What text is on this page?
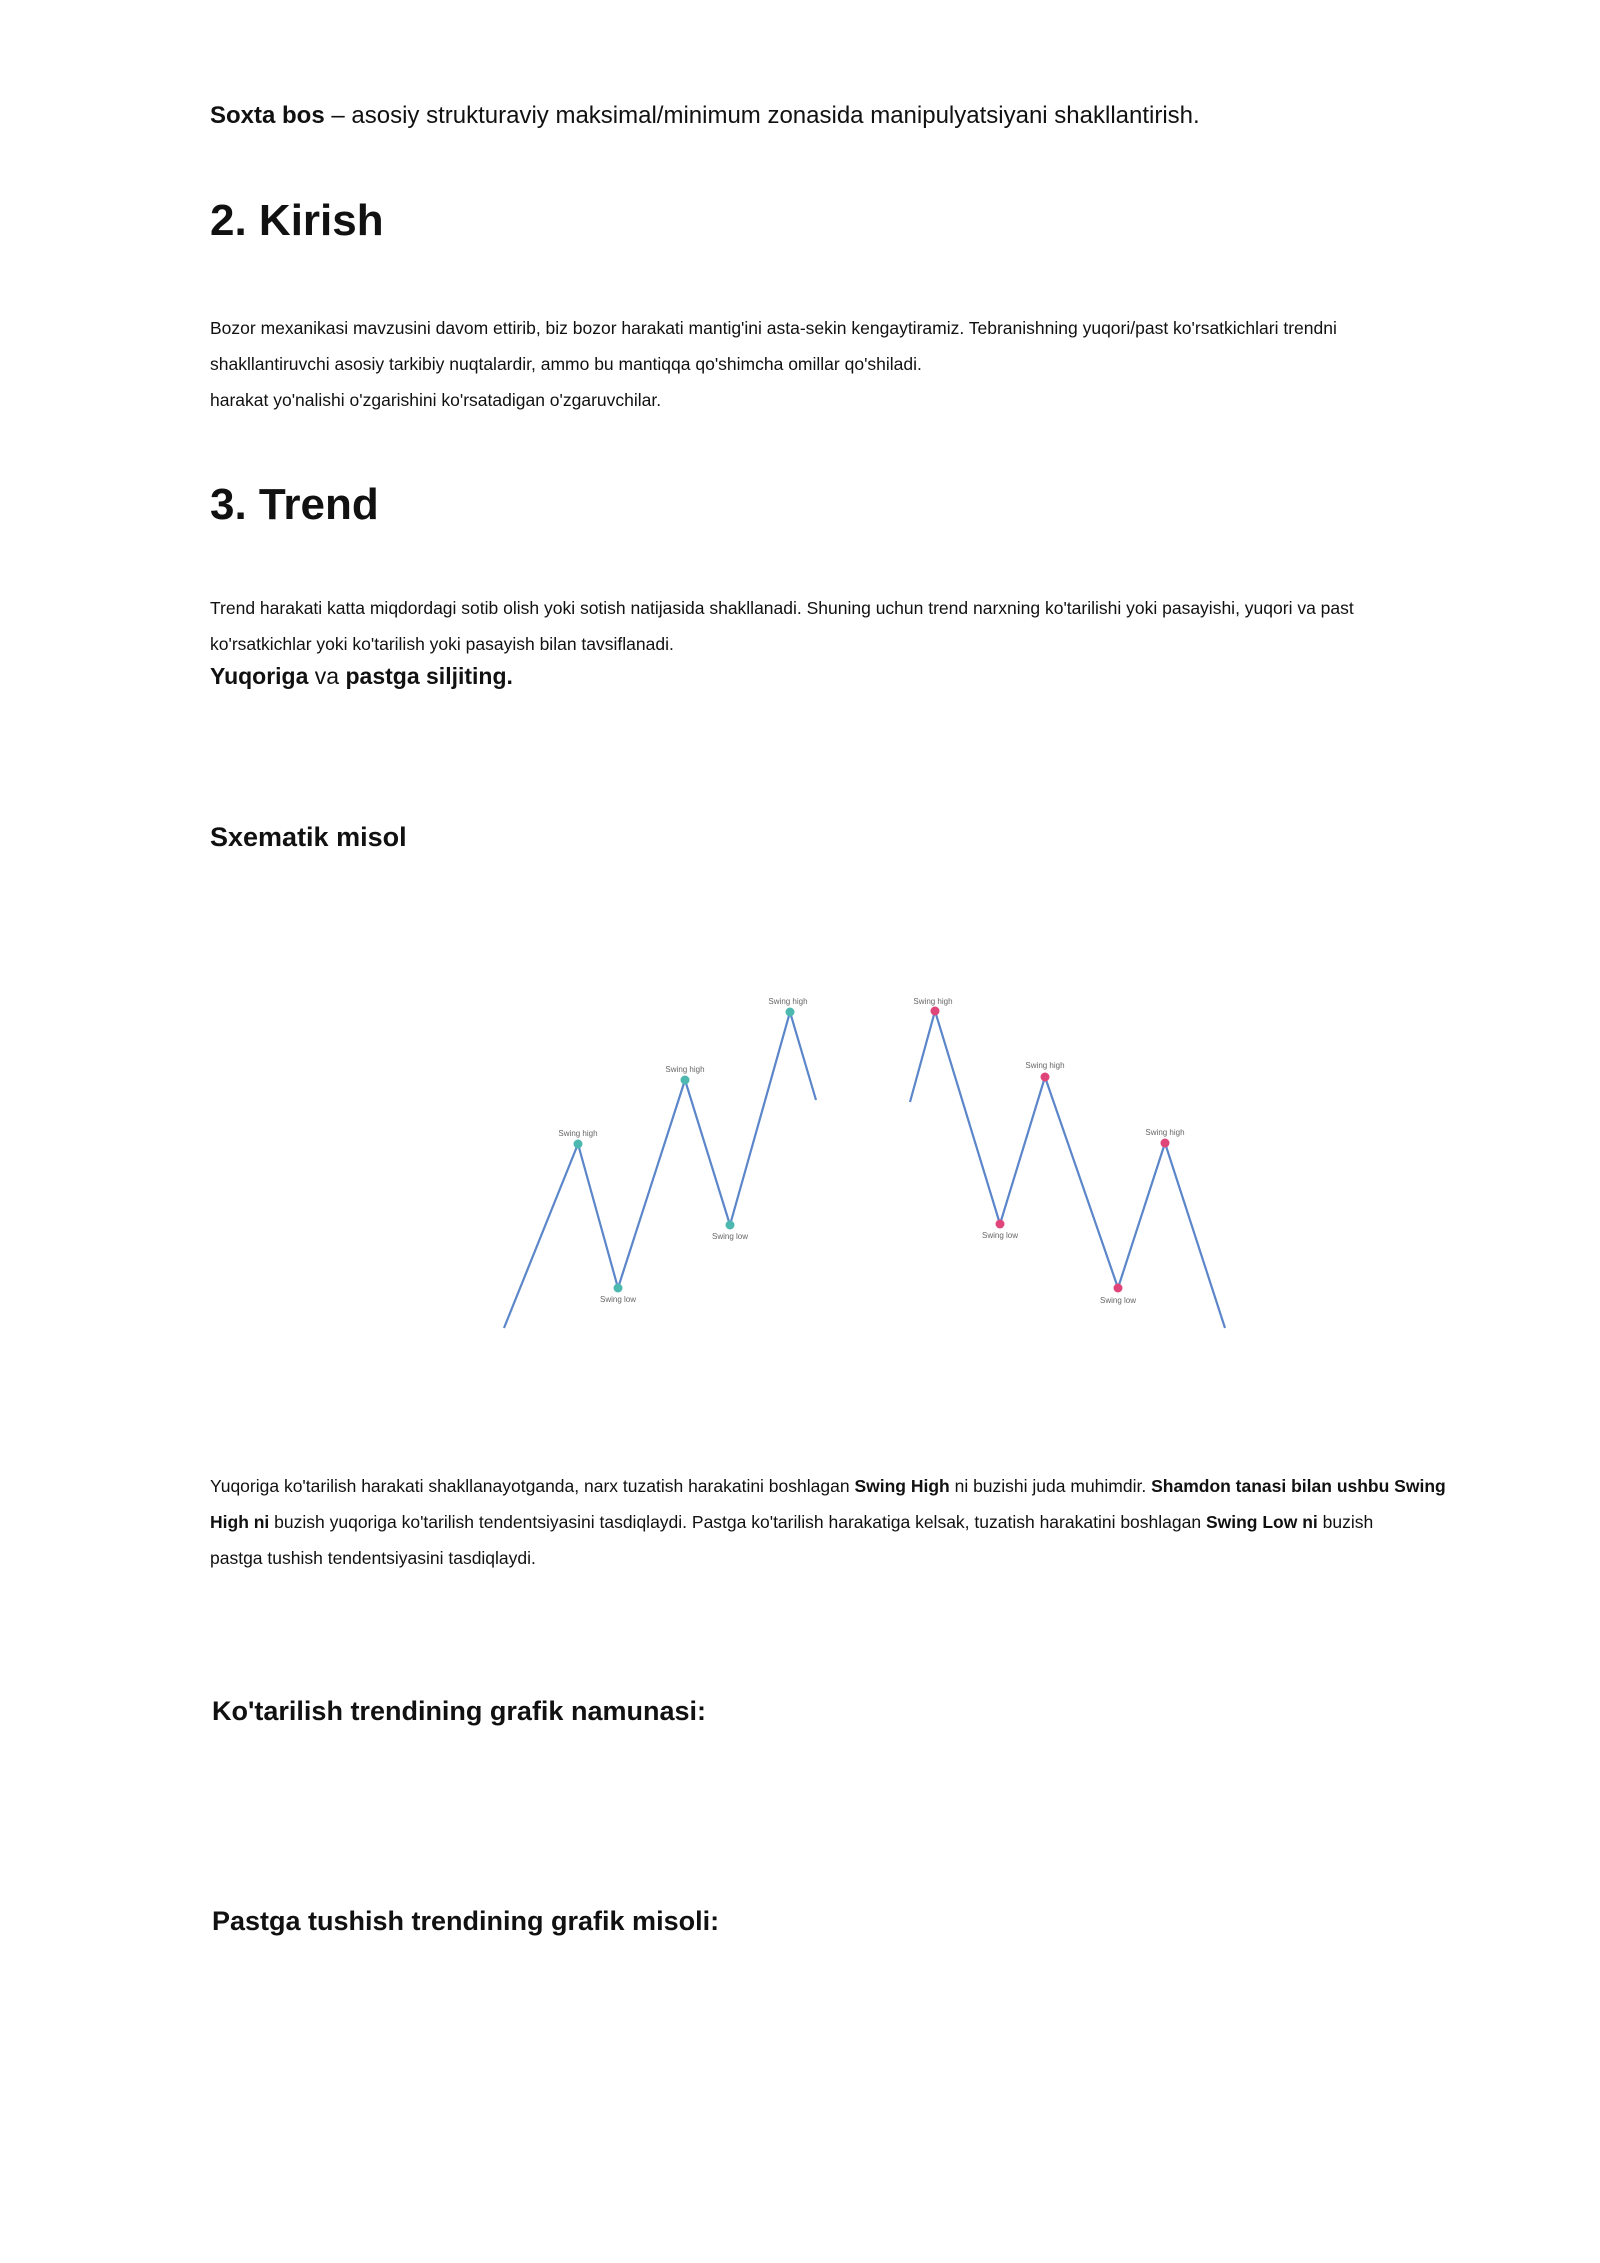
Soxta bos – asosiy strukturaviy maksimal/minimum zonasida manipulyatsiyani shakllantirish.
2. Kirish
Bozor mexanikasi mavzusini davom ettirib, biz bozor harakati mantig'ini asta-sekin kengaytiramiz. Tebranishning yuqori/past ko'rsatkichlari trendni
shakllantiruvchi asosiy tarkibiy nuqtalardir, ammo bu mantiqqa qo'shimcha omillar qo'shiladi.
harakat yo'nalishi o'zgarishini ko'rsatadigan o'zgaruvchilar.
3. Trend
Trend harakati katta miqdordagi sotib olish yoki sotish natijasida shakllanadi. Shuning uchun trend narxning ko'tarilishi yoki pasayishi, yuqori va past
ko'rsatkichlar yoki ko'tarilish yoki pasayish bilan tavsiflanadi.
Yuqoriga va pastga siljiting.
Sxematik misol
Swing high
Swing low
Swing high
Swing low
Swing high	Swing high
Swing low
Swing high
Swing low
Swing high
Yuqoriga ko'tarilish harakati shakllanayotganda, narx tuzatish harakatini boshlagan Swing High ni buzishi juda muhimdir. Shamdon tanasi bilan ushbu Swing
High ni buzish yuqoriga ko'tarilish tendentsiyasini tasdiqlaydi. Pastga ko'tarilish harakatiga kelsak, tuzatish harakatini boshlagan Swing Low ni buzish
pastga tushish tendentsiyasini tasdiqlaydi.
Ko'tarilish trendining grafik namunasi:
Pastga tushish trendining grafik misoli:
